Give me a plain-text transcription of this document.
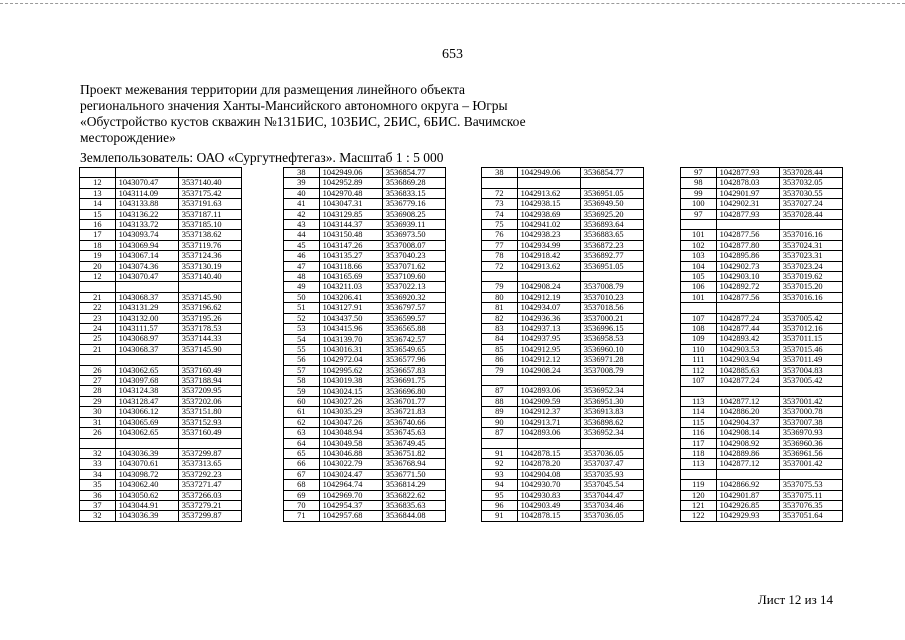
653
Проект межевания территории для размещения линейного объекта
регионального значения Ханты-Мансийского автономного округа – Югры
«Обустройство кустов скважин №131БИС, 103БИС, 2БИС, 6БИС. Вачимское
месторождение»
Землепользователь: ОАО «Сургутнефтегаз». Масштаб 1 : 5 000

12	1043070.47	3537140.40
13	1043114.09	3537175.42
14	1043133.88	3537191.63
15	1043136.22	3537187.11
16	1043133.72	3537185.10
17	1043093.74	3537138.62
18	1043069.94	3537119.76
19	1043067.14	3537124.36
20	1043074.36	3537130.19
12	1043070.47	3537140.40

21	1043068.37	3537145.90
22	1043131.29	3537196.62
23	1043132.00	3537195.26
24	1043111.57	3537178.53
25	1043068.97	3537144.33
21	1043068.37	3537145.90

26	1043062.65	3537160.49
27	1043097.68	3537188.94
28	1043124.38	3537209.95
29	1043128.47	3537202.06
30	1043066.12	3537151.80
31	1043065.69	3537152.93
26	1043062.65	3537160.49

32	1043036.39	3537299.87
33	1043070.61	3537313.65
34	1043098.72	3537292.23
35	1043062.40	3537271.47
36	1043050.62	3537266.03
37	1043044.91	3537279.21
32	1043036.39	3537299.87
38	1042949.06	3536854.77
39	1042952.89	3536869.28
40	1042970.48	3536833.15
41	1043047.31	3536779.16
42	1043129.85	3536908.25
43	1043144.37	3536939.11
44	1043150.48	3536973.50
45	1043147.26	3537008.07
46	1043135.27	3537040.23
47	1043118.66	3537071.62
48	1043165.69	3537109.60
49	1043211.03	3537022.13
50	1043206.41	3536920.32
51	1043127.91	3536797.57
52	1043437.50	3536599.57
53	1043415.96	3536565.88
54	1043139.70	3536742.57
55	1043016.31	3536549.65
56	1042972.04	3536577.96
57	1042995.62	3536657.83
58	1043019.38	3536691.75
59	1043024.15	3536696.80
60	1043027.26	3536701.77
61	1043035.29	3536721.83
62	1043047.26	3536740.66
63	1043048.94	3536745.63
64	1043049.58	3536749.45
65	1043046.88	3536751.82
66	1043022.79	3536768.94
67	1043024.47	3536771.50
68	1042964.74	3536814.29
69	1042969.70	3536822.62
70	1042954.37	3536835.63
71	1042957.68	3536844.08
38	1042949.06	3536854.77

72	1042913.62	3536951.05
73	1042938.15	3536949.50
74	1042938.69	3536925.20
75	1042941.02	3536893.64
76	1042938.23	3536883.65
77	1042934.99	3536872.23
78	1042918.42	3536892.77
72	1042913.62	3536951.05

79	1042908.24	3537008.79
80	1042912.19	3537010.23
81	1042934.07	3537018.56
82	1042936.36	3537000.21
83	1042937.13	3536996.15
84	1042937.95	3536958.53
85	1042912.95	3536960.10
86	1042912.12	3536971.28
79	1042908.24	3537008.79

87	1042893.06	3536952.34
88	1042909.59	3536951.30
89	1042912.37	3536913.83
90	1042913.71	3536898.62
87	1042893.06	3536952.34

91	1042878.15	3537036.05
92	1042878.20	3537037.47
93	1042904.08	3537035.93
94	1042930.70	3537045.54
95	1042930.83	3537044.47
96	1042903.49	3537034.46
91	1042878.15	3537036.05
97	1042877.93	3537028.44
98	1042878.03	3537032.05
99	1042901.97	3537030.55
100	1042902.31	3537027.24
97	1042877.93	3537028.44

101	1042877.56	3537016.16
102	1042877.80	3537024.31
103	1042895.86	3537023.31
104	1042902.73	3537023.24
105	1042903.10	3537019.62
106	1042892.72	3537015.20
101	1042877.56	3537016.16

107	1042877.24	3537005.42
108	1042877.44	3537012.16
109	1042893.42	3537011.15
110	1042903.53	3537015.46
111	1042903.94	3537011.49
112	1042885.63	3537004.83
107	1042877.24	3537005.42

113	1042877.12	3537001.42
114	1042886.20	3537000.78
115	1042904.37	3537007.38
116	1042908.14	3536970.93
117	1042908.92	3536960.36
118	1042889.86	3536961.56
113	1042877.12	3537001.42

119	1042866.92	3537075.53
120	1042901.87	3537075.11
121	1042926.85	3537076.35
122	1042929.93	3537051.64
Лист 12 из 14
